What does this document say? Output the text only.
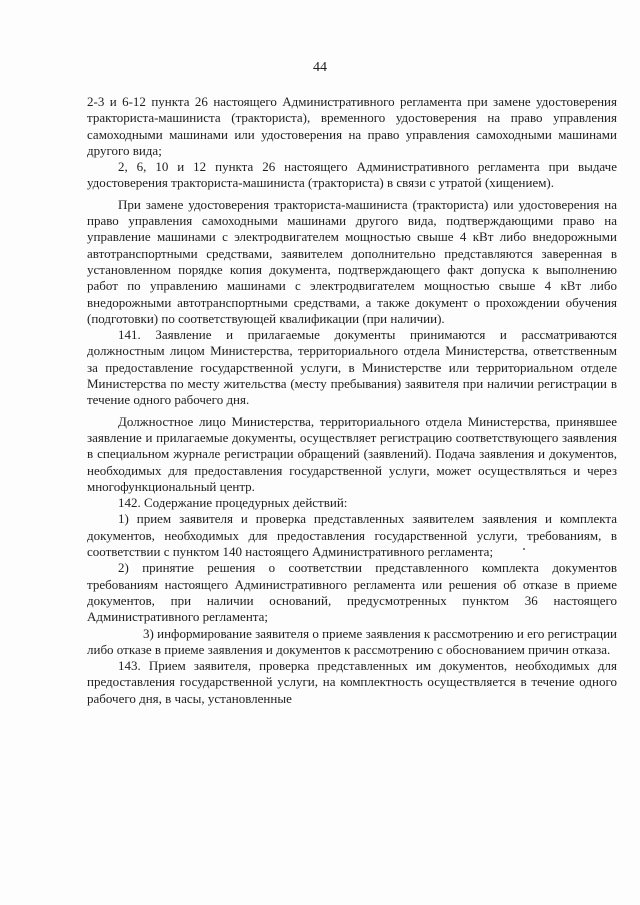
44

2-3 и 6-12 пункта 26 настоящего Административного регламента при замене удостоверения тракториста-машиниста (тракториста), временного удостоверения на право управления самоходными машинами или удостоверения на право управления самоходными машинами другого вида;

2, 6, 10 и 12 пункта 26 настоящего Административного регламента при выдаче удостоверения тракториста-машиниста (тракториста) в связи с утратой (хищением).

При замене удостоверения тракториста-машиниста (тракториста) или удостоверения на право управления самоходными машинами другого вида, подтверждающими право на управление машинами с электродвигателем мощностью свыше 4 кВт либо внедорожными автотранспортными средствами, заявителем дополнительно представляются заверенная в установленном порядке копия документа, подтверждающего факт допуска к выполнению работ по управлению машинами с электродвигателем мощностью свыше 4 кВт либо внедорожными автотранспортными средствами, а также документ о прохождении обучения (подготовки) по соответствующей квалификации (при наличии).

141. Заявление и прилагаемые документы принимаются и рассматриваются должностным лицом Министерства, территориального отдела Министерства, ответственным за предоставление государственной услуги, в Министерстве или территориальном отделе Министерства по месту жительства (месту пребывания) заявителя при наличии регистрации в течение одного рабочего дня.

Должностное лицо Министерства, территориального отдела Министерства, принявшее заявление и прилагаемые документы, осуществляет регистрацию соответствующего заявления в специальном журнале регистрации обращений (заявлений). Подача заявления и документов, необходимых для предоставления государственной услуги, может осуществляться и через многофункциональный центр.

142. Содержание процедурных действий:

1) прием заявителя и проверка представленных заявителем заявления и комплекта документов, необходимых для предоставления государственной услуги, требованиям, в соответствии с пунктом 140 настоящего Административного регламента;

2) принятие решения о соответствии представленного комплекта документов требованиям настоящего Административного регламента или решения об отказе в приеме документов, при наличии оснований, предусмотренных пунктом 36 настоящего Административного регламента;

3) информирование заявителя о приеме заявления к рассмотрению и его регистрации либо отказе в приеме заявления и документов к рассмотрению с обоснованием причин отказа.

143. Прием заявителя, проверка представленных им документов, необходимых для предоставления государственной услуги, на комплектность осуществляется в течение одного рабочего дня, в часы, установленные
